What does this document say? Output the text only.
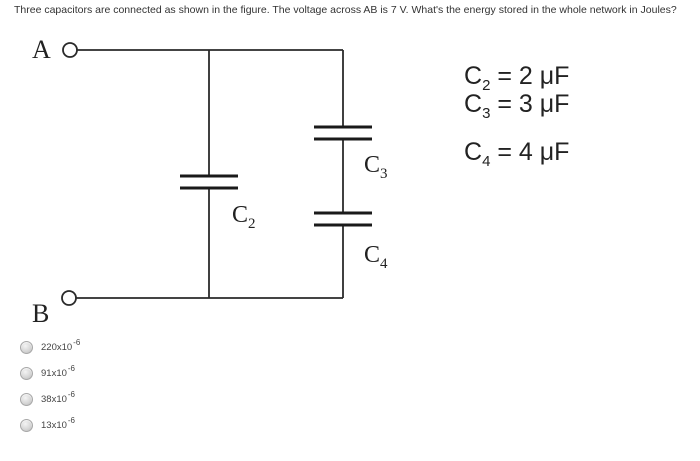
Three capacitors are connected as shown in the figure. The voltage across AB is 7 V. What's the energy stored in the whole network in Joules?
A
B
$C_2$
$C_3$
$C_4$
$C_2 = 2$ μF
$C_3 = 3$ μF
$C_4 = 4$ μF
$220x10^{-6}$
$91x10^{-6}$
$38x10^{-6}$
$13x10^{-6}$
